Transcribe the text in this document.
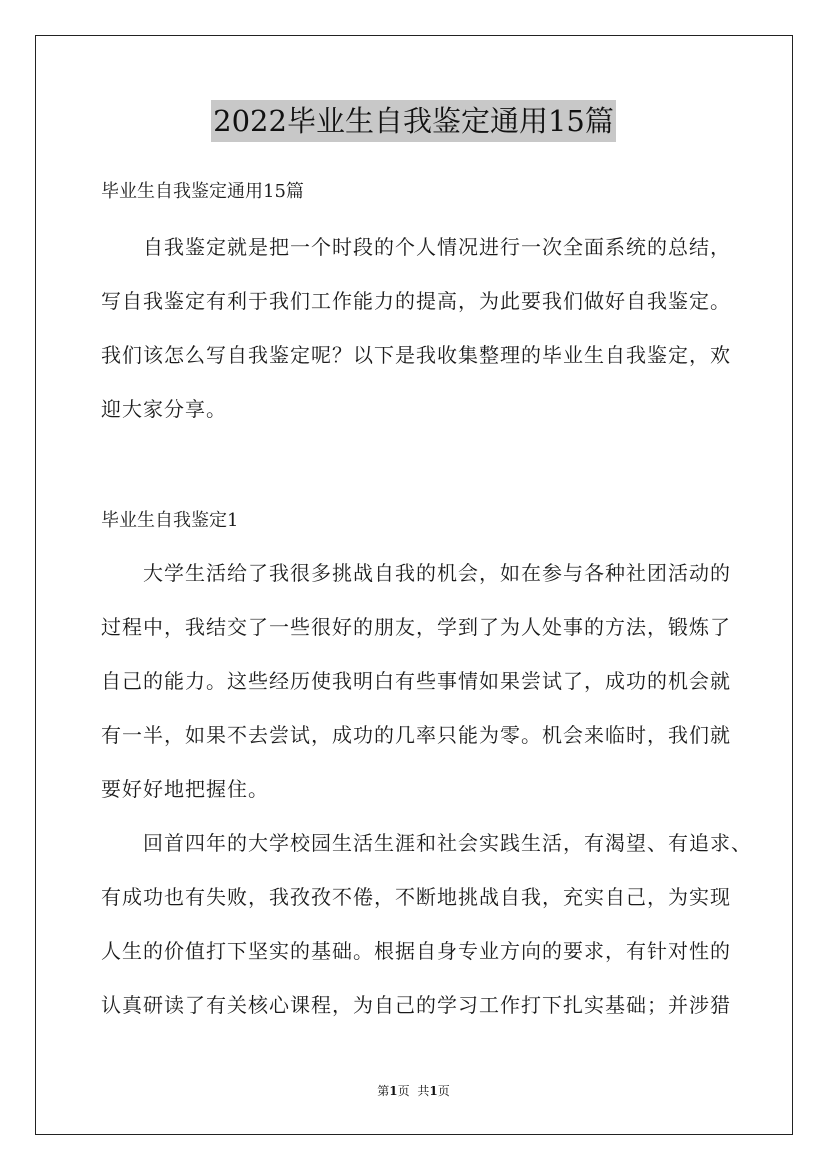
2022毕业生自我鉴定通用15篇
毕业生自我鉴定通用15篇
自我鉴定就是把一个时段的个人情况进行一次全面系统的总结，
写自我鉴定有利于我们工作能力的提高，为此要我们做好自我鉴定。
我们该怎么写自我鉴定呢？以下是我收集整理的毕业生自我鉴定，欢
迎大家分享。
毕业生自我鉴定1
大学生活给了我很多挑战自我的机会，如在参与各种社团活动的
过程中，我结交了一些很好的朋友，学到了为人处事的方法，锻炼了
自己的能力。这些经历使我明白有些事情如果尝试了，成功的机会就
有一半，如果不去尝试，成功的几率只能为零。机会来临时，我们就
要好好地把握住。
回首四年的大学校园生活生涯和社会实践生活，有渴望、有追求、
有成功也有失败，我孜孜不倦，不断地挑战自我，充实自己，为实现
人生的价值打下坚实的基础。根据自身专业方向的要求，有针对性的
认真研读了有关核心课程，为自己的学习工作打下扎实基础；并涉猎
第1页 共1页
